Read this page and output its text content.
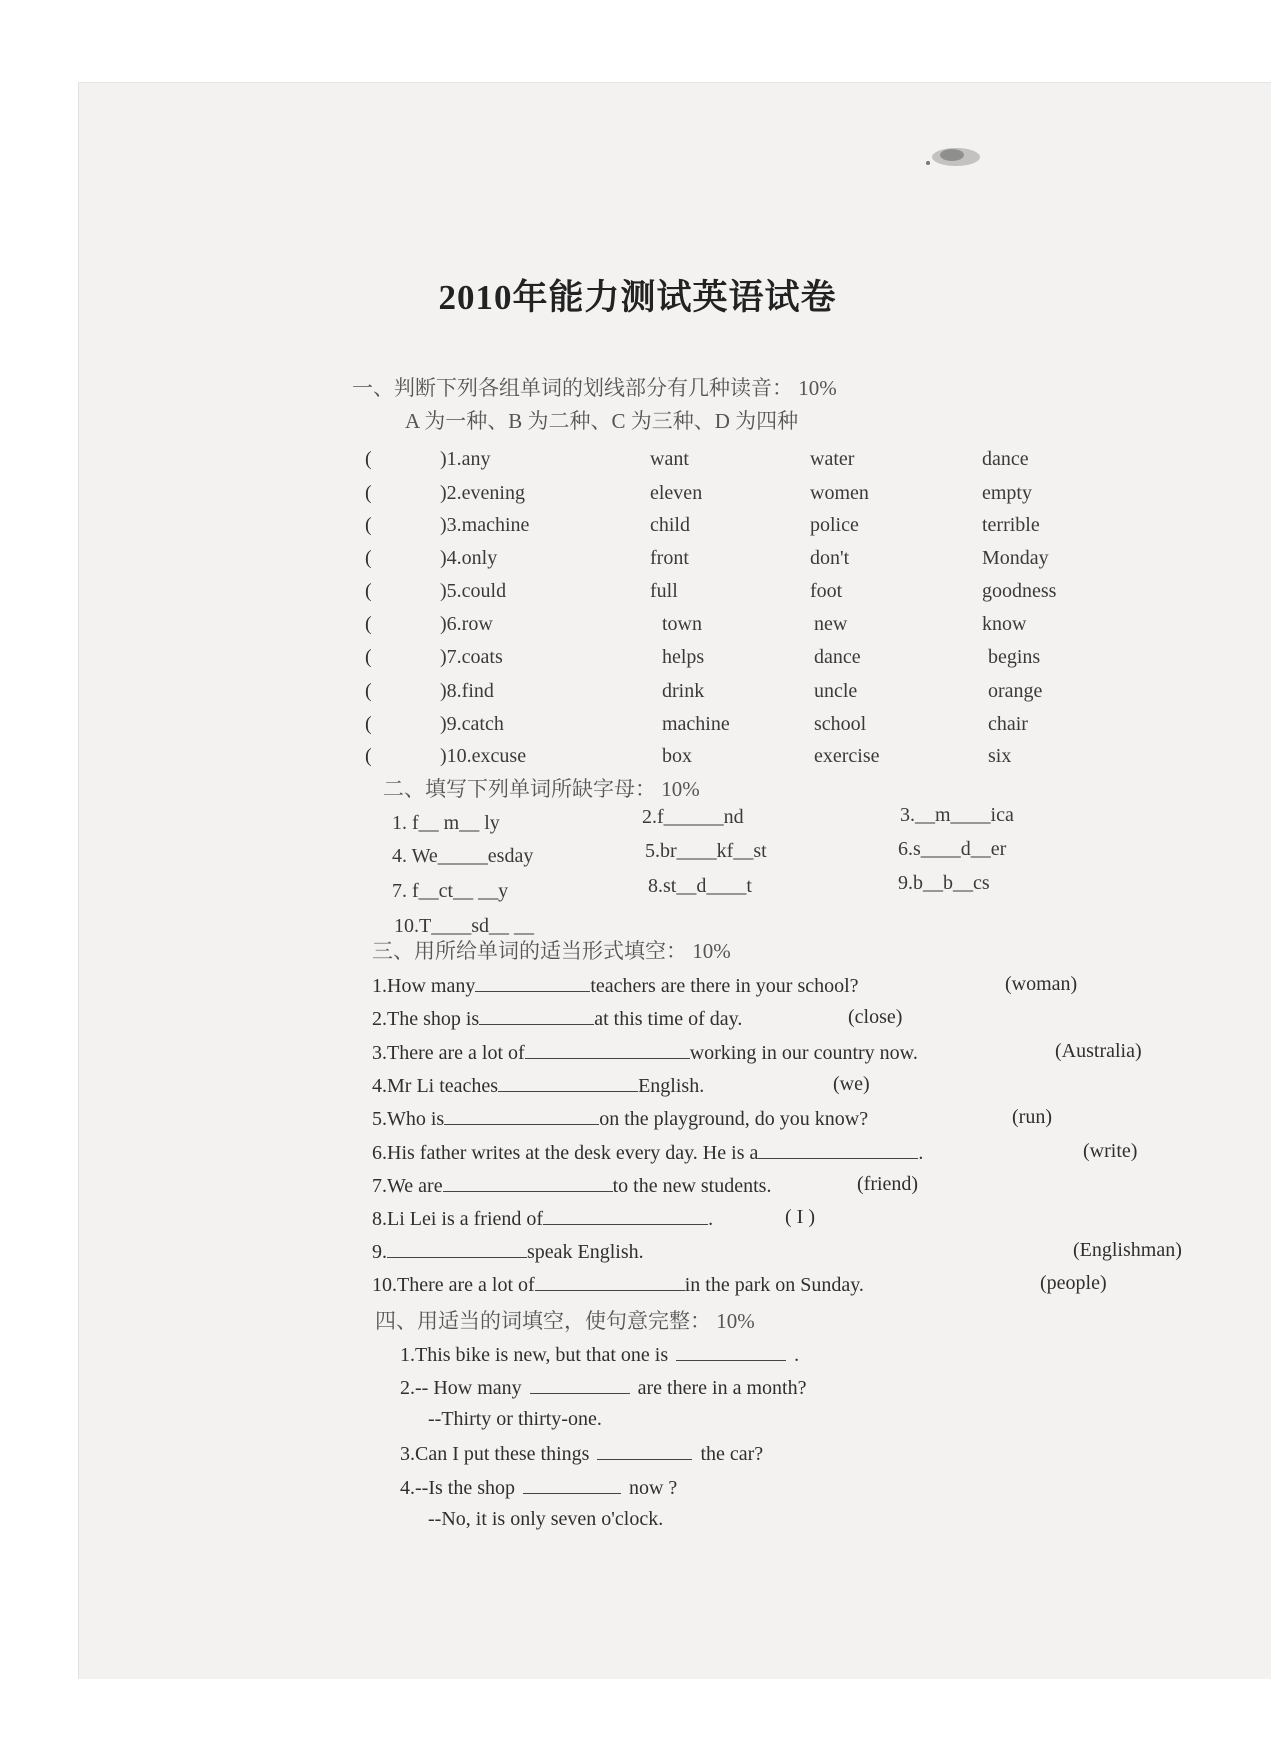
2010年能力测试英语试卷
一、判断下列各组单词的划线部分有几种读音： 10%
A 为一种、B 为二种、C 为三种、D 为四种
(	)1.any	want	water	dance
(	)2.evening	eleven	women	empty
(	)3.machine	child	police	terrible
(	)4.only	front	don't	Monday
(	)5.could	full	foot	goodness
(	)6.row	town	new	know
(	)7.coats	helps	dance	begins
(	)8.find	drink	uncle	orange
(	)9.catch	machine	school	chair
(	)10.excuse	box	exercise	six
二、填写下列单词所缺字母： 10%
1. f__ m__ ly	2.f______nd	3.__m____ica
4. We_____esday	5.br____kf__st	6.s____d__er
7. f__ct__ __y	8.st__d____t	9.b__b__cs
10.T____sd__ __
三、用所给单词的适当形式填空： 10%
1.How many	teachers are there in your school?	(woman)
2.The shop is	at this time of day.	(close)
3.There are a lot of	working in our country now.	(Australia)
4.Mr Li teaches	English.	(we)
5.Who is	on the playground, do you know?	(run)
6.His father writes at the desk every day. He is a	.	(write)
7.We are	to the new students.	(friend)
8.Li Lei is a friend of	.	( I )
9.	speak English.	(Englishman)
10.There are a lot of	in the park on Sunday.	(people)
四、用适当的词填空，使句意完整： 10%
1.This bike is new, but that one is	.
2.-- How many	are there in a month?
--Thirty or thirty-one.
3.Can I put these things	the car?
4.--Is the shop	now ?
--No, it is only seven o'clock.
